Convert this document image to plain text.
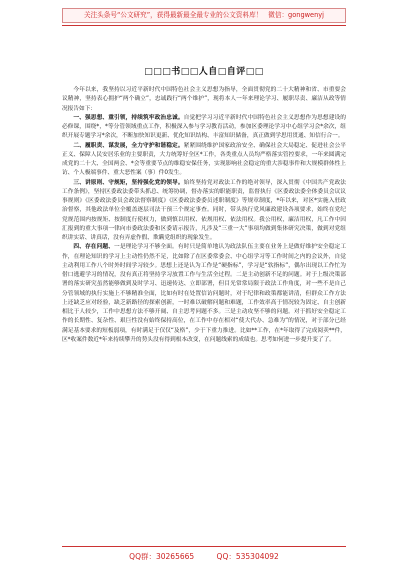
关注头条号“公文研究”，获得最新最全最专业的公文资料库！ 微信：gongwenyj
□□□书□□人自□自评□□

今年以来，我坚持以习近平新时代中国特色社会主义思想为指导，全面贯彻党的二十大精神和省、市重要会议精神，坚持表心拥护“两个确立”，忠诚践行“两个维护”，现将本人一年来理论学习、履职尽责、廉洁从政等情况报告如下：

一、强思想、重引领，持续筑牢政治忠诚。自觉把学习习近平新时代中国特色社会主义思想作为思想建设的必修课，围绕*，*等分管领域重点工作，积极深入参与学习教育活动，参加区委理论学习中心组学习会*余次，组织开展专题学习*余次，不断加快知识更新、优化知识结构、丰富知识储备，真正做到学思用贯通、知信行合一。

二、履职责、谋发展，全力守护和谐稳定。紧紧围绕维护国家政治安全、确保社会大局稳定、促进社会公平正义、保障人民安居乐业的主要职责，大力统筹好全区*工作，各类重点人员均严格落实管控要求，一年来圆满完成党的二十大、全国两会、*会等重要节点的维稳安保任务，实现影响社会稳定的重大涉稳事件和大规模群体性上访、个人极端事件、重大恶性案（事）件0发生。

三、讲原则、守规矩，坚持强化党的领导。始终坚持党对政法工作的绝对领导，深入贯彻《中国共产党政法工作条例》，坚持区委政法委带头抓总、统筹协调，督办落实的职能职责，监督执行《区委政法委全体委员会议议事规则》《区委政法委员会政法督察制度》《区委政法委委员述职制度》等规章制度，*年以来，对区*实施入驻政治督察，其他政法单位全覆盖逐层司法干预三个规定事查。同时，带头执行党风廉政建设各项要求，始终在党纪党规范围内按规矩、按制度行使权力，做到慎以用权、依规用权、依法用权。我公用权，廉洁用权，凡工作中因汇报到的重大事项一律向市委政法委和区委请示报告，凡涉及“三重一大”事项均做到集体研究决策，做到对党组织讲实话、讲真话，没有弄虚作假、欺瞒党组织的现象发生。

四、存在问题、一是理论学习不够全面。有时只是简单地认为政法队伍主要在业务上是做好维护安全稳定工作，在理论知识的学习上主动性仍然不足，比如除了在区委常委会、中心组学习等工作时间之内的会议外，自觉主动利用工作八个时外时间学习较少。思想上还是认为工作是“硬指标”，学习是“软指标”，偶尔出现以工作忙为借口逃避学习的情况，没有真正将坚持学习放置工作与生活全过程。二是主动创新不足的问题。对于上级决策部署的落实研究虽然能够做到及时学习、迅速传达、立即部署，但目光常常局限于政法工作角度，对一些不是自己分管领域的执行实施上不够精准全面，比如有时在处置信访问题时，对于纪律和政策都能讲清，但群众工作方法上还缺乏应对经验，缺乏新路径的探索创新，一时难以破解问题和难题，工作效率高于情况较为固定、自主创新相比于人较少，工作中思想方法不够开阔、自主思考问题不多。三是主动攻坚不够的问题。对于抓好安全稳定工作的长期性、复杂性、艰巨性没有始终保持高位，在工作中存在相对“使大代办、急难为”的情况，对于部分已经满足基本要求的短板弱项，有时满足于仅仅“及格”，少于下重力推进。比如**工作，在*年取得了完成阅卖**件，区*收案件数近*年来持续攀升的势头没有得到根本改变，在问题线索的成绩也。思考如何进一步提升变了了。

QQ群：30265665	QQ：535304092
